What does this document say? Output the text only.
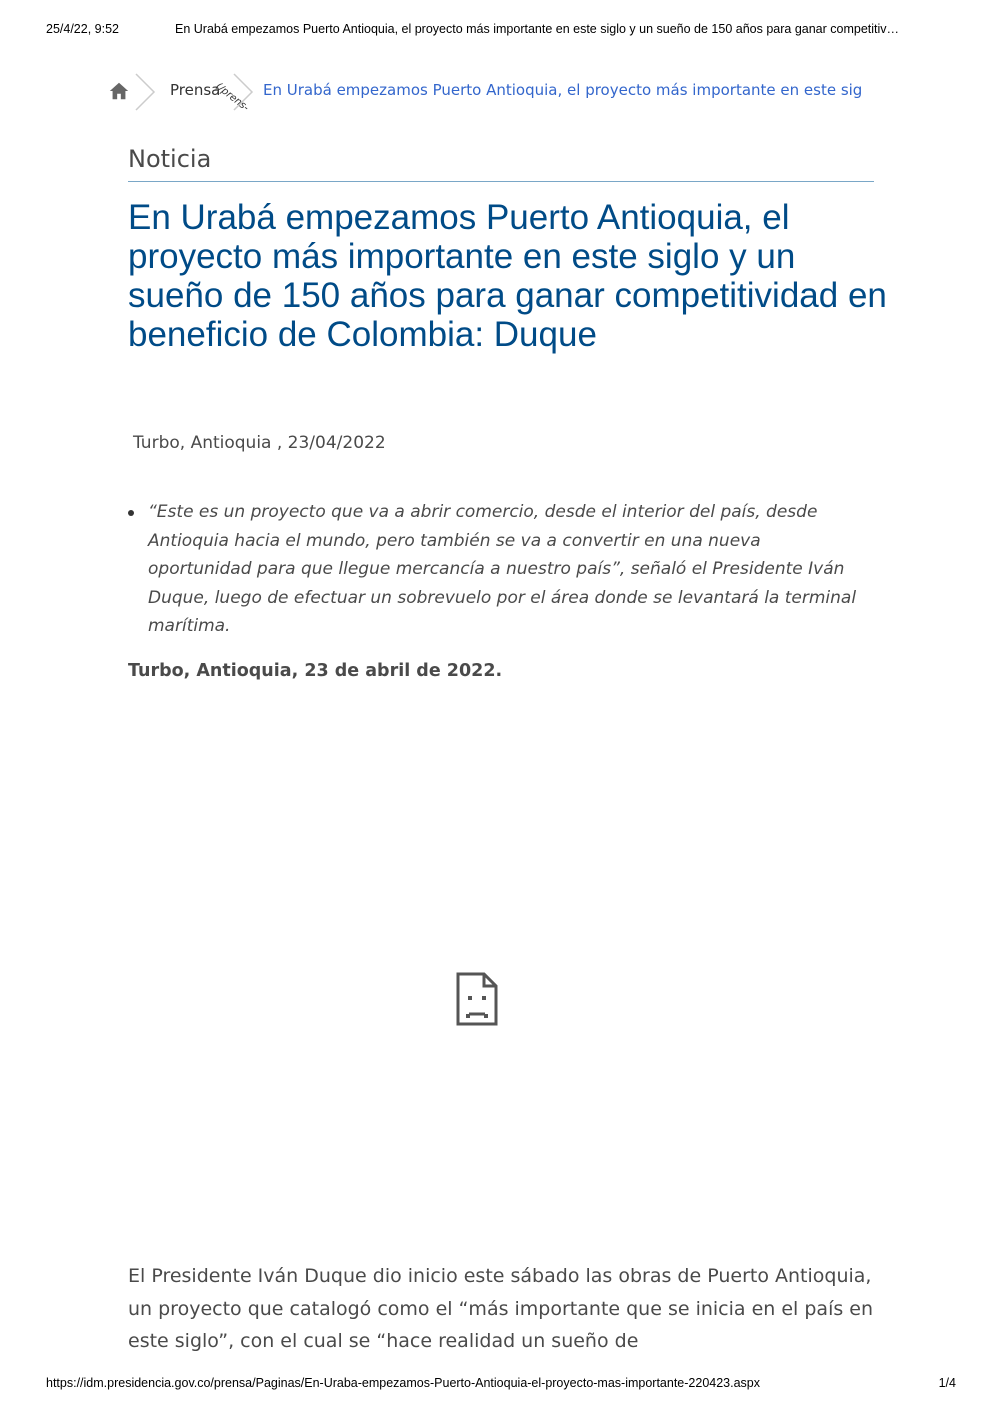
25/4/22, 9:52	En Urabá empezamos Puerto Antioquia, el proyecto más importante en este siglo y un sueño de 150 años para ganar competitiv…
Prensa
(/prens- En Urabá empezamos Puerto Antioquia, el proyecto más importante en este sig
Noticia
En Urabá empezamos Puerto Antioquia, el proyecto más importante en este siglo y un sueño de 150 años para ganar competitividad en beneficio de Colombia: Duque
Turbo, Antioquia , 23/04/2022
“Este es un proyecto que va a abrir comercio, desde el interior del país, desde Antioquia hacia el mundo, pero también se va a convertir en una nueva oportunidad para que llegue mercancía a nuestro país”, señaló el Presidente Iván Duque, luego de efectuar un sobrevuelo por el área donde se levantará la terminal marítima.
Turbo, Antioquia, 23 de abril de 2022.

El Presidente Iván Duque dio inicio este sábado las obras de Puerto Antioquia, un proyecto que catalogó como el “más importante que se inicia en el país en este siglo”, con el cual se “hace realidad un sueño de

https://idm.presidencia.gov.co/prensa/Paginas/En-Uraba-empezamos-Puerto-Antioquia-el-proyecto-mas-importante-220423.aspx	1/4
